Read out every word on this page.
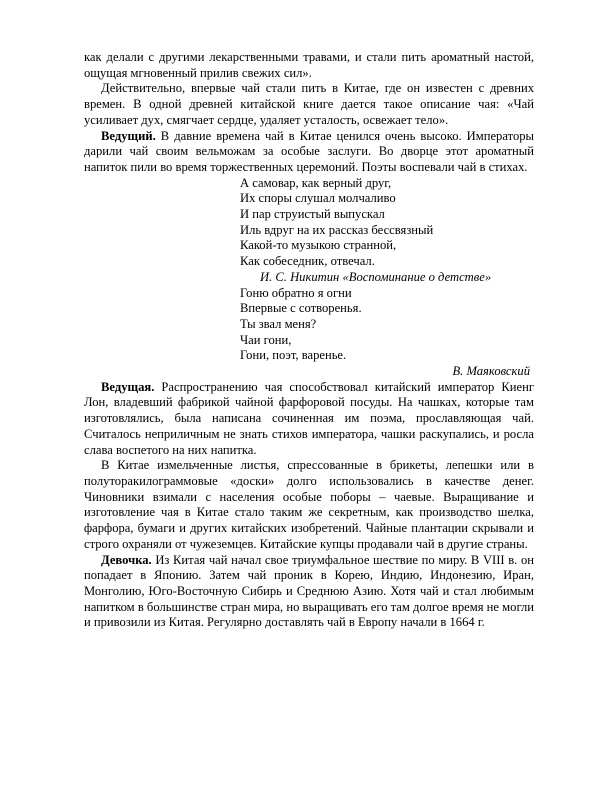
как делали с другими лекарственными травами, и стали пить ароматный настой, ощущая мгновенный прилив свежих сил».

Действительно, впервые чай стали пить в Китае, где он известен с древних времен. В одной древней китайской книге дается такое описание чая: «Чай усиливает дух, смягчает сердце, удаляет усталость, освежает тело».

Ведущий. В давние времена чай в Китае ценился очень высоко. Императоры дарили чай своим вельможам за особые заслуги. Во дворце этот ароматный напиток пили во время торжественных церемоний. Поэты воспевали чай в стихах.

А самовар, как верный друг,
Их споры слушал молчаливо
И пар струистый выпускал
Иль вдруг на их рассказ бессвязный
Какой-то музыкою странной,
Как собеседник, отвечал.
И. С. Никитин «Воспоминание о детстве»
Гоню обратно я огни
Впервые с сотворенья.
Ты звал меня?
Чаи гони,
Гони, поэт, варенье.
В. Маяковский

Ведущая. Распространению чая способствовал китайский император Киенг Лон, владевший фабрикой чайной фарфоровой посуды. На чашках, которые там изготовлялись, была написана сочиненная им поэма, прославляющая чай. Считалось неприличным не знать стихов императора, чашки раскупались, и росла слава воспетого на них напитка.

В Китае измельченные листья, спрессованные в брикеты, лепешки или в полуторакилограммовые «доски» долго использовались в качестве денег. Чиновники взимали с населения особые поборы – чаевые. Выращивание и изготовление чая в Китае стало таким же секретным, как производство шелка, фарфора, бумаги и других китайских изобретений. Чайные плантации скрывали и строго охраняли от чужеземцев. Китайские купцы продавали чай в другие страны.

Девочка. Из Китая чай начал свое триумфальное шествие по миру. В VIII в. он попадает в Японию. Затем чай проник в Корею, Индию, Индонезию, Иран, Монголию, Юго-Восточную Сибирь и Среднюю Азию. Хотя чай и стал любимым напитком в большинстве стран мира, но выращивать его там долгое время не могли и привозили из Китая. Регулярно доставлять чай в Европу начали в 1664 г.
